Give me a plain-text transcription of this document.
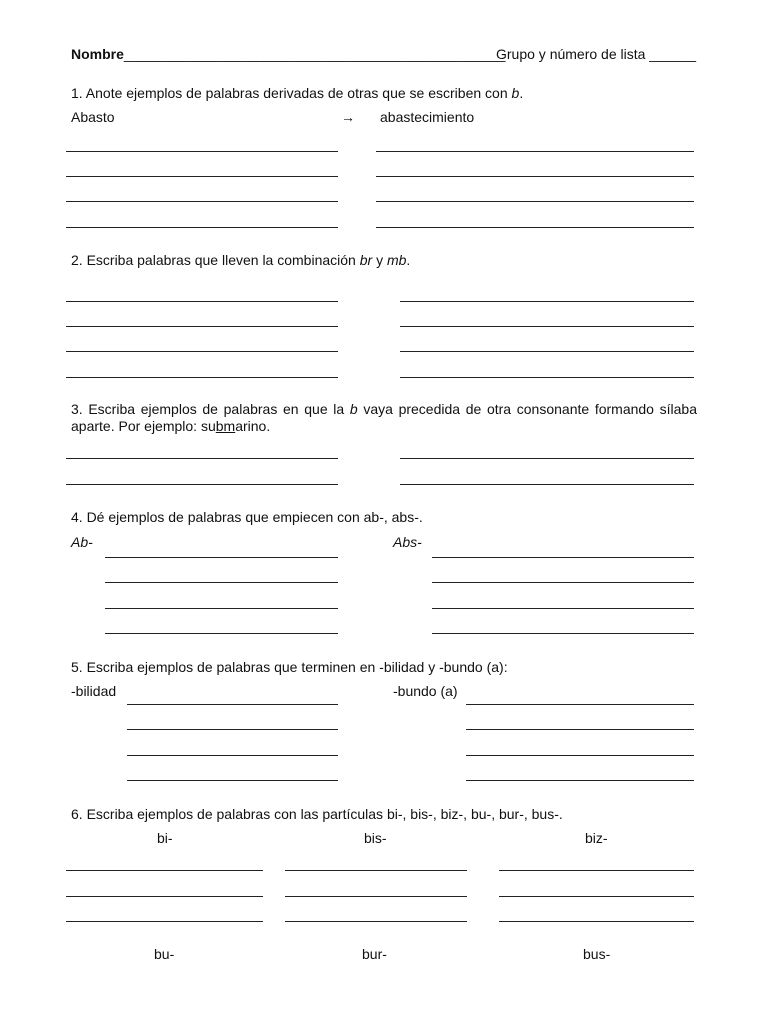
Nombre_________________________________________________
Grupo y número de lista ______
1. Anote ejemplos de palabras derivadas de otras que se escriben con b.
Abasto	→ abastecimiento
2. Escriba palabras que lleven la combinación br y mb.
3. Escriba ejemplos de palabras en que la b vaya precedida de otra consonante formando sílaba
aparte. Por ejemplo: submarino.
4. Dé ejemplos de palabras que empiecen con ab-, abs-.
Ab-	Abs-
5. Escriba ejemplos de palabras que terminen en -bilidad y -bundo (a):
-bilidad	-bundo (a)
6. Escriba ejemplos de palabras con las partículas bi-, bis-, biz-, bu-, bur-, bus-.
bi-	bis-	biz-
bu-	bur-	bus-
